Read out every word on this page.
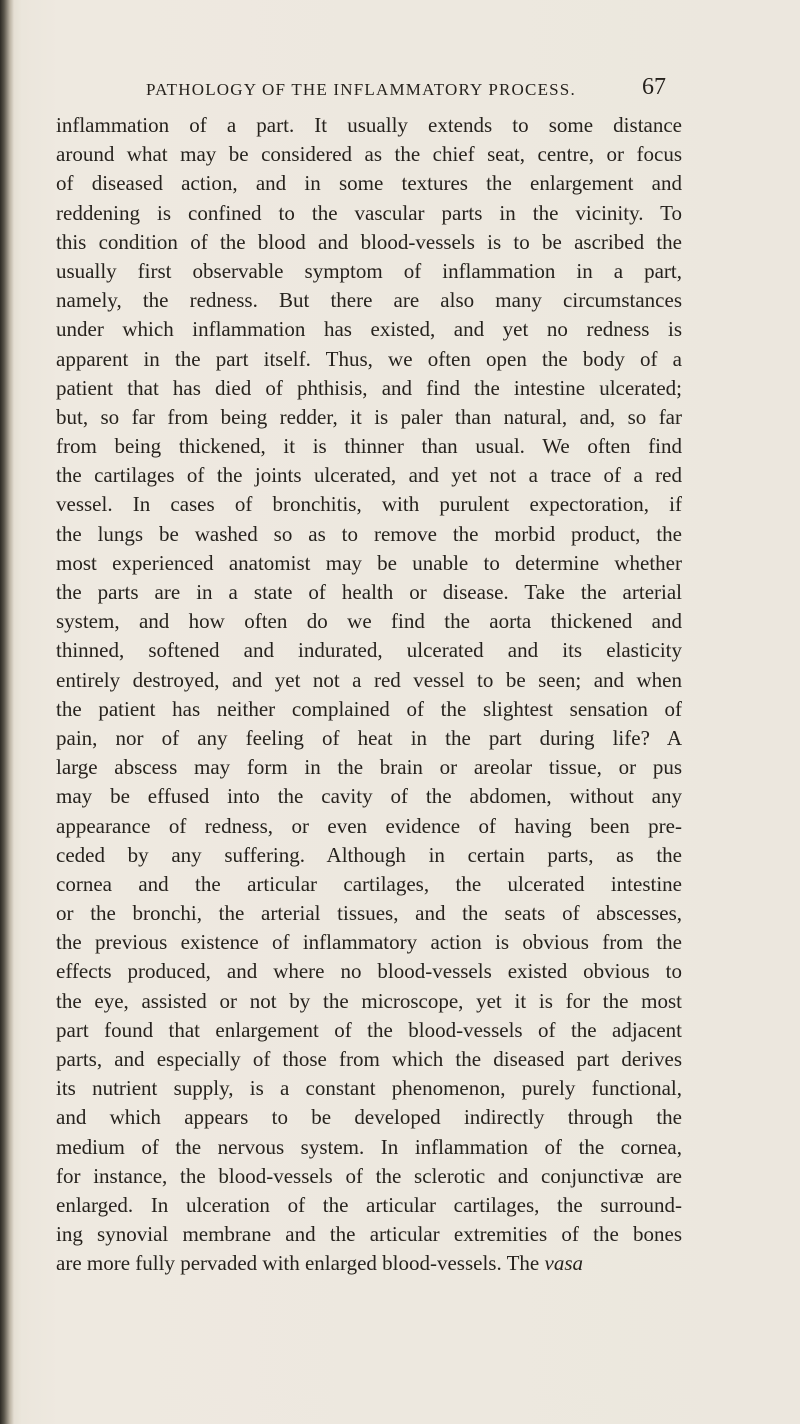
PATHOLOGY OF THE INFLAMMATORY PROCESS.	67
inflammation of a part. It usually extends to some distance
around what may be considered as the chief seat, centre, or focus
of diseased action, and in some textures the enlargement and
reddening is confined to the vascular parts in the vicinity. To
this condition of the blood and blood-vessels is to be ascribed the
usually first observable symptom of inflammation in a part,
namely, the redness. But there are also many circumstances
under which inflammation has existed, and yet no redness is
apparent in the part itself. Thus, we often open the body of a
patient that has died of phthisis, and find the intestine ulcerated;
but, so far from being redder, it is paler than natural, and, so far
from being thickened, it is thinner than usual. We often find
the cartilages of the joints ulcerated, and yet not a trace of a red
vessel. In cases of bronchitis, with purulent expectoration, if
the lungs be washed so as to remove the morbid product, the
most experienced anatomist may be unable to determine whether
the parts are in a state of health or disease. Take the arterial
system, and how often do we find the aorta thickened and
thinned, softened and indurated, ulcerated and its elasticity
entirely destroyed, and yet not a red vessel to be seen; and when
the patient has neither complained of the slightest sensation of
pain, nor of any feeling of heat in the part during life? A
large abscess may form in the brain or areolar tissue, or pus
may be effused into the cavity of the abdomen, without any
appearance of redness, or even evidence of having been pre-
ceded by any suffering. Although in certain parts, as the
cornea and the articular cartilages, the ulcerated intestine
or the bronchi, the arterial tissues, and the seats of abscesses,
the previous existence of inflammatory action is obvious from the
effects produced, and where no blood-vessels existed obvious to
the eye, assisted or not by the microscope, yet it is for the most
part found that enlargement of the blood-vessels of the adjacent
parts, and especially of those from which the diseased part derives
its nutrient supply, is a constant phenomenon, purely functional,
and which appears to be developed indirectly through the
medium of the nervous system. In inflammation of the cornea,
for instance, the blood-vessels of the sclerotic and conjunctivæ are
enlarged. In ulceration of the articular cartilages, the surround-
ing synovial membrane and the articular extremities of the bones
are more fully pervaded with enlarged blood-vessels. The vasa
